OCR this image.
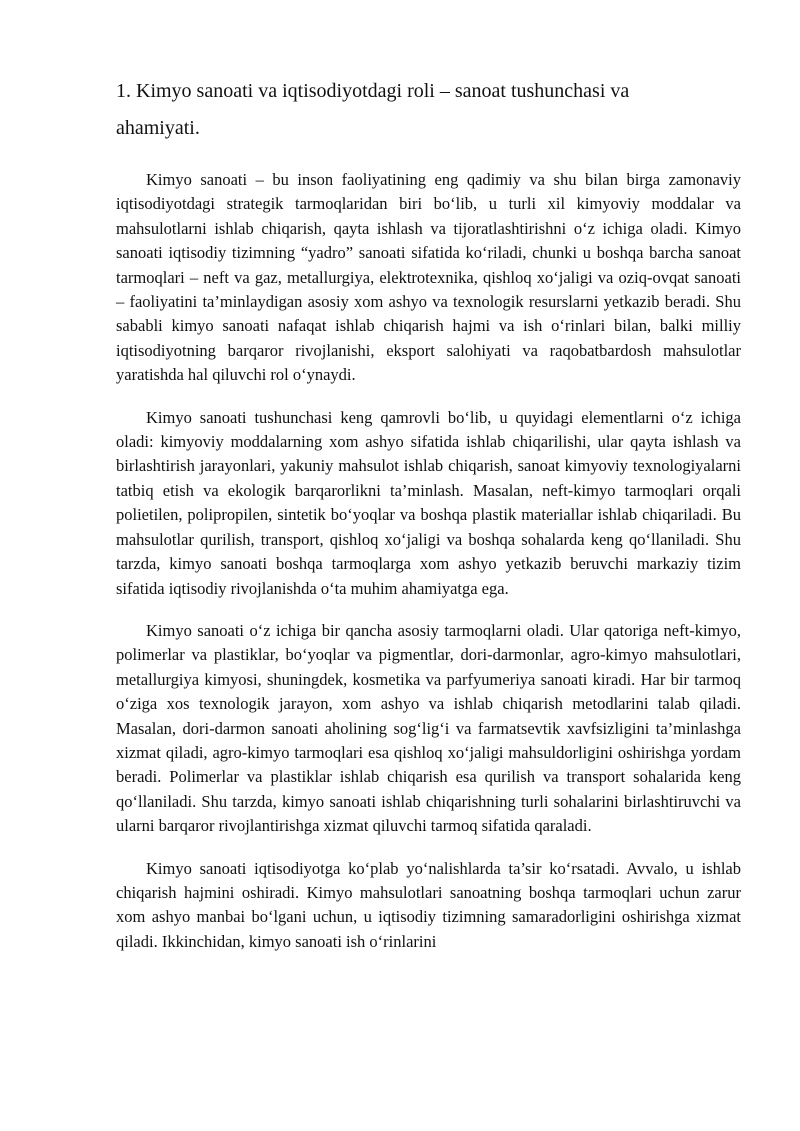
1. Kimyo sanoati va iqtisodiyotdagi roli – sanoat tushunchasi va ahamiyati.

Kimyo sanoati – bu inson faoliyatining eng qadimiy va shu bilan birga zamonaviy iqtisodiyotdagi strategik tarmoqlaridan biri bo‘lib, u turli xil kimyoviy moddalar va mahsulotlarni ishlab chiqarish, qayta ishlash va tijoratlashtirishni o‘z ichiga oladi. Kimyo sanoati iqtisodiy tizimning “yadro” sanoati sifatida ko‘riladi, chunki u boshqa barcha sanoat tarmoqlari – neft va gaz, metallurgiya, elektrotexnika, qishloq xo‘jaligi va oziq-ovqat sanoati – faoliyatini ta’minlaydigan asosiy xom ashyo va texnologik resurslarni yetkazib beradi. Shu sababli kimyo sanoati nafaqat ishlab chiqarish hajmi va ish o‘rinlari bilan, balki milliy iqtisodiyotning barqaror rivojlanishi, eksport salohiyati va raqobatbardosh mahsulotlar yaratishda hal qiluvchi rol o‘ynaydi.

Kimyo sanoati tushunchasi keng qamrovli bo‘lib, u quyidagi elementlarni o‘z ichiga oladi: kimyoviy moddalarning xom ashyo sifatida ishlab chiqarilishi, ular qayta ishlash va birlashtirish jarayonlari, yakuniy mahsulot ishlab chiqarish, sanoat kimyoviy texnologiyalarni tatbiq etish va ekologik barqarorlikni ta’minlash. Masalan, neft-kimyo tarmoqlari orqali polietilen, polipropilen, sintetik bo‘yoqlar va boshqa plastik materiallar ishlab chiqariladi. Bu mahsulotlar qurilish, transport, qishloq xo‘jaligi va boshqa sohalarda keng qo‘llaniladi. Shu tarzda, kimyo sanoati boshqa tarmoqlarga xom ashyo yetkazib beruvchi markaziy tizim sifatida iqtisodiy rivojlanishda o‘ta muhim ahamiyatga ega.

Kimyo sanoati o‘z ichiga bir qancha asosiy tarmoqlarni oladi. Ular qatoriga neft-kimyo, polimerlar va plastiklar, bo‘yoqlar va pigmentlar, dori-darmonlar, agro-kimyo mahsulotlari, metallurgiya kimyosi, shuningdek, kosmetika va parfyumeriya sanoati kiradi. Har bir tarmoq o‘ziga xos texnologik jarayon, xom ashyo va ishlab chiqarish metodlarini talab qiladi. Masalan, dori-darmon sanoati aholining sog‘lig‘i va farmatsevtik xavfsizligini ta’minlashga xizmat qiladi, agro-kimyo tarmoqlari esa qishloq xo‘jaligi mahsuldorligini oshirishga yordam beradi. Polimerlar va plastiklar ishlab chiqarish esa qurilish va transport sohalarida keng qo‘llaniladi. Shu tarzda, kimyo sanoati ishlab chiqarishning turli sohalarini birlashtiruvchi va ularni barqaror rivojlantirishga xizmat qiluvchi tarmoq sifatida qaraladi.

Kimyo sanoati iqtisodiyotga ko‘plab yo‘nalishlarda ta’sir ko‘rsatadi. Avvalo, u ishlab chiqarish hajmini oshiradi. Kimyo mahsulotlari sanoatning boshqa tarmoqlari uchun zarur xom ashyo manbai bo‘lgani uchun, u iqtisodiy tizimning samaradorligini oshirishga xizmat qiladi. Ikkinchidan, kimyo sanoati ish o‘rinlarini
